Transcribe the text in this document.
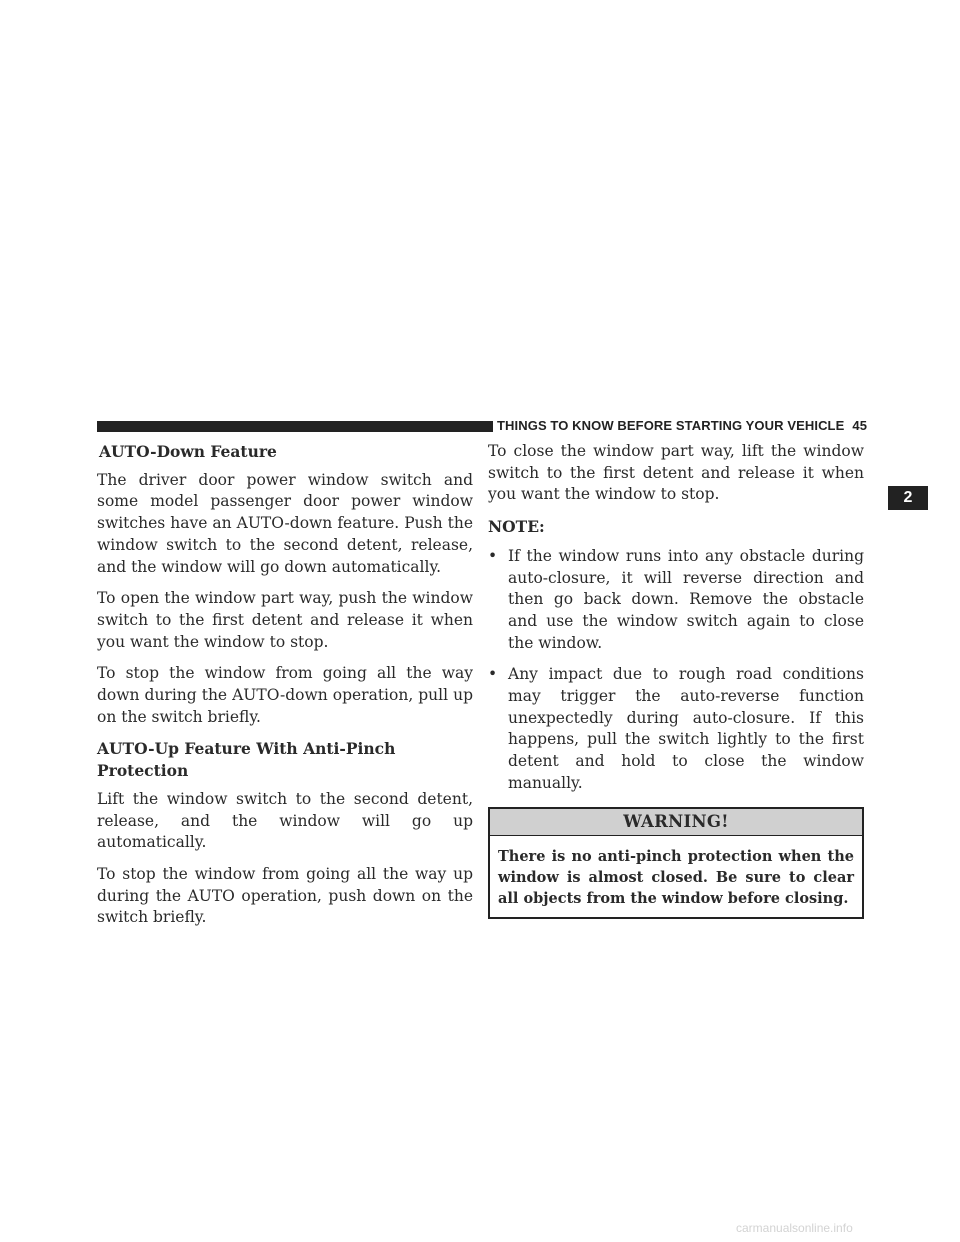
THINGS TO KNOW BEFORE STARTING YOUR VEHICLE 45
2
AUTO-Down Feature

The driver door power window switch and some model passenger door power window switches have an AUTO-down feature. Push the window switch to the second detent, release, and the window will go down automatically.

To open the window part way, push the window switch to the first detent and release it when you want the window to stop.

To stop the window from going all the way down during the AUTO-down operation, pull up on the switch briefly.

AUTO-Up Feature With Anti-Pinch Protection

Lift the window switch to the second detent, release, and the window will go up automatically.

To stop the window from going all the way up during the AUTO operation, push down on the switch briefly.

To close the window part way, lift the window switch to the first detent and release it when you want the window to stop.

NOTE:
• If the window runs into any obstacle during auto-closure, it will reverse direction and then go back down. Remove the obstacle and use the window switch again to close the window.
• Any impact due to rough road conditions may trigger the auto-reverse function unexpectedly during auto-closure. If this happens, pull the switch lightly to the first detent and hold to close the window manually.
WARNING!
There is no anti-pinch protection when the window is almost closed. Be sure to clear all objects from the window before closing.
carmanualsonline.info
